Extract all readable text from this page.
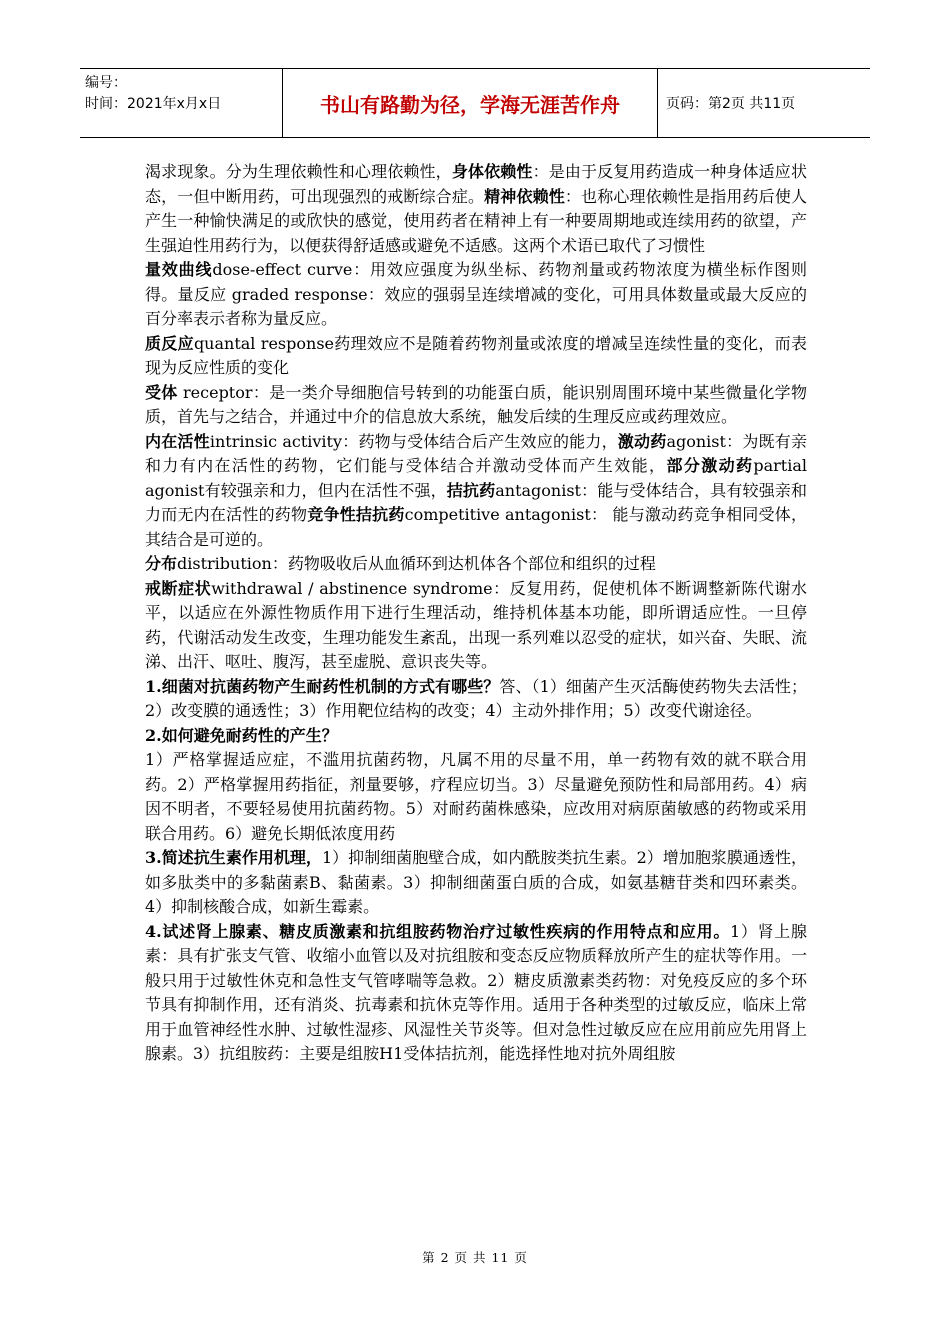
编号：
时间：2021年x月x日	书山有路勤为径，学海无涯苦作舟	页码：第2页 共11页

渴求现象。分为生理依赖性和心理依赖性，身体依赖性：是由于反复用药造成一种身体适应状态，一但中断用药，可出现强烈的戒断综合症。精神依赖性：也称心理依赖性是指用药后使人产生一种愉快满足的或欣快的感觉，使用药者在精神上有一种要周期地或连续用药的欲望，产生强迫性用药行为，以便获得舒适感或避免不适感。这两个术语已取代了习惯性

量效曲线dose-effect curve：用效应强度为纵坐标、药物剂量或药物浓度为横坐标作图则得。量反应 graded response：效应的强弱呈连续增减的变化，可用具体数量或最大反应的百分率表示者称为量反应。

质反应quantal response药理效应不是随着药物剂量或浓度的增减呈连续性量的变化，而表现为反应性质的变化

受体 receptor：是一类介导细胞信号转到的功能蛋白质，能识别周围环境中某些微量化学物质，首先与之结合，并通过中介的信息放大系统，触发后续的生理反应或药理效应。

内在活性intrinsic activity：药物与受体结合后产生效应的能力，激动药agonist：为既有亲和力有内在活性的药物，它们能与受体结合并激动受体而产生效能，部分激动药partial agonist有较强亲和力，但内在活性不强，拮抗药antagonist：能与受体结合，具有较强亲和力而无内在活性的药物竞争性拮抗药competitive antagonist： 能与激动药竞争相同受体，其结合是可逆的。

分布distribution：药物吸收后从血循环到达机体各个部位和组织的过程

戒断症状withdrawal / abstinence syndrome：反复用药，促使机体不断调整新陈代谢水平，以适应在外源性物质作用下进行生理活动，维持机体基本功能，即所谓适应性。一旦停药，代谢活动发生改变，生理功能发生紊乱，出现一系列难以忍受的症状，如兴奋、失眠、流涕、出汗、呕吐、腹泻，甚至虚脱、意识丧失等。

1.细菌对抗菌药物产生耐药性机制的方式有哪些？答、（1）细菌产生灭活酶使药物失去活性；2）改变膜的通透性；3）作用靶位结构的改变；4）主动外排作用；5）改变代谢途径。

2.如何避免耐药性的产生？

1）严格掌握适应症，不滥用抗菌药物，凡属不用的尽量不用，单一药物有效的就不联合用药。2）严格掌握用药指征，剂量要够，疗程应切当。3）尽量避免预防性和局部用药。4）病因不明者，不要轻易使用抗菌药物。5）对耐药菌株感染，应改用对病原菌敏感的药物或采用联合用药。6）避免长期低浓度用药

3.简述抗生素作用机理，1）抑制细菌胞壁合成，如内酰胺类抗生素。2）增加胞浆膜通透性，如多肽类中的多黏菌素B、黏菌素。3）抑制细菌蛋白质的合成，如氨基糖苷类和四环素类。4）抑制核酸合成，如新生霉素。

4.试述肾上腺素、糖皮质激素和抗组胺药物治疗过敏性疾病的作用特点和应用。1）肾上腺素：具有扩张支气管、收缩小血管以及对抗组胺和变态反应物质释放所产生的症状等作用。一般只用于过敏性休克和急性支气管哮喘等急救。2）糖皮质激素类药物：对免疫反应的多个环节具有抑制作用，还有消炎、抗毒素和抗休克等作用。适用于各种类型的过敏反应，临床上常用于血管神经性水肿、过敏性湿疹、风湿性关节炎等。但对急性过敏反应在应用前应先用肾上腺素。3）抗组胺药：主要是组胺H1受体拮抗剂，能选择性地对抗外周组胺

第 2 页 共 11 页
